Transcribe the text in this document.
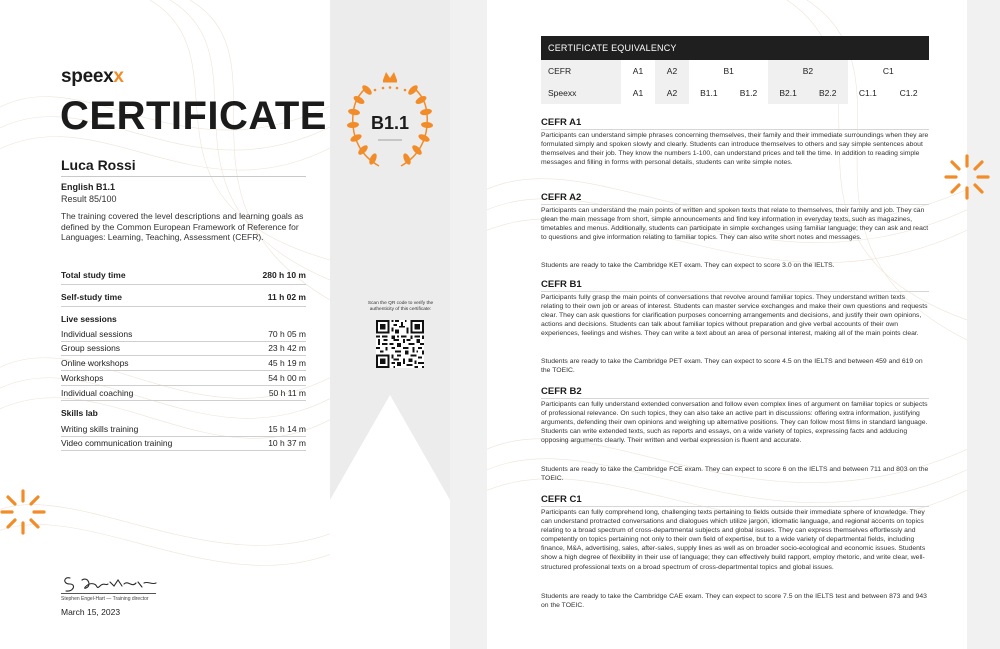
speexx
CERTIFICATE
Luca Rossi
English B1.1
Result 85/100
The training covered the level descriptions and learning goals as defined by the Common European Framework of Reference for Languages: Learning, Teaching, Assessment (CEFR).
Total study time	280 h 10 m
Self-study time	11 h 02 m
Live sessions
Individual sessions	70 h 05 m
Group sessions	23 h 42 m
Online workshops	45 h 19 m
Workshops	54 h 00 m
Individual coaching	50 h 11 m
Skills lab
Writing skills training	15 h 14 m
Video communication training	10 h 37 m
Stephen Engel-Hart — Training director
March 15, 2023
B1.1
Scan the QR code to verify the authenticity of this certificate:
CERTIFICATE EQUIVALENCY
CEFR	A1	A2	B1		B2		C1	
Speexx	A1	A2	B1.1	B1.2	B2.1	B2.2	C1.1	C1.2
CEFR A1
Participants can understand simple phrases concerning themselves, their family and their immediate surroundings when they are formulated simply and spoken slowly and clearly. Students can introduce themselves to others and say simple sentences about themselves and their job. They know the numbers 1-100, can understand prices and tell the time. In addition to reading simple messages and filling in forms with personal details, students can write simple notes.
CEFR A2
Participants can understand the main points of written and spoken texts that relate to themselves, their family and job. They can glean the main message from short, simple announcements and find key information in everyday texts, such as magazines, timetables and menus. Additionally, students can participate in simple exchanges using familiar language; they can ask and react to questions and give information relating to familiar topics. They can also write short notes and messages.
Students are ready to take the Cambridge KET exam. They can expect to score 3.0 on the IELTS.
CEFR B1
Participants fully grasp the main points of conversations that revolve around familiar topics. They understand written texts relating to their own job or areas of interest. Students can master service exchanges and make their own questions and requests clear. They can ask questions for clarification purposes concerning arrangements and decisions, and justify their own opinions, actions and decisions. Students can talk about familiar topics without preparation and give verbal accounts of their own experiences, feelings and wishes. They can write a text about an area of personal interest, making all of the main points clear.
Students are ready to take the Cambridge PET exam. They can expect to score 4.5 on the IELTS and between 459 and 619 on the TOEIC.
CEFR B2
Participants can fully understand extended conversation and follow even complex lines of argument on familiar topics or subjects of professional relevance. On such topics, they can also take an active part in discussions: offering extra information, justifying arguments, defending their own opinions and weighing up alternative positions. They can follow most films in standard language. Students can write extended texts, such as reports and essays, on a wide variety of topics, expressing facts and adducing opposing arguments clearly. Their written and verbal expression is fluent and accurate.
Students are ready to take the Cambridge FCE exam. They can expect to score 6 on the IELTS and between 711 and 803 on the TOEIC.
CEFR C1
Participants can fully comprehend long, challenging texts pertaining to fields outside their immediate sphere of knowledge. They can understand protracted conversations and dialogues which utilize jargon, idiomatic language, and regional accents on topics relating to a broad spectrum of cross-departmental subjects and global issues. They can express themselves effortlessly and competently on topics pertaining not only to their own field of expertise, but to a wide variety of departmental fields, including finance, M&A, advertising, sales, after-sales, supply lines as well as on broader socio-ecological and economic issues. Students show a high degree of flexibility in their use of language; they can effectively build rapport, employ rhetoric, and write clear, well-structured professional texts on a broad spectrum of cross-departmental topics and global issues.
Students are ready to take the Cambridge CAE exam. They can expect to score 7.5 on the IELTS test and between 873 and 943 on the TOEIC.
